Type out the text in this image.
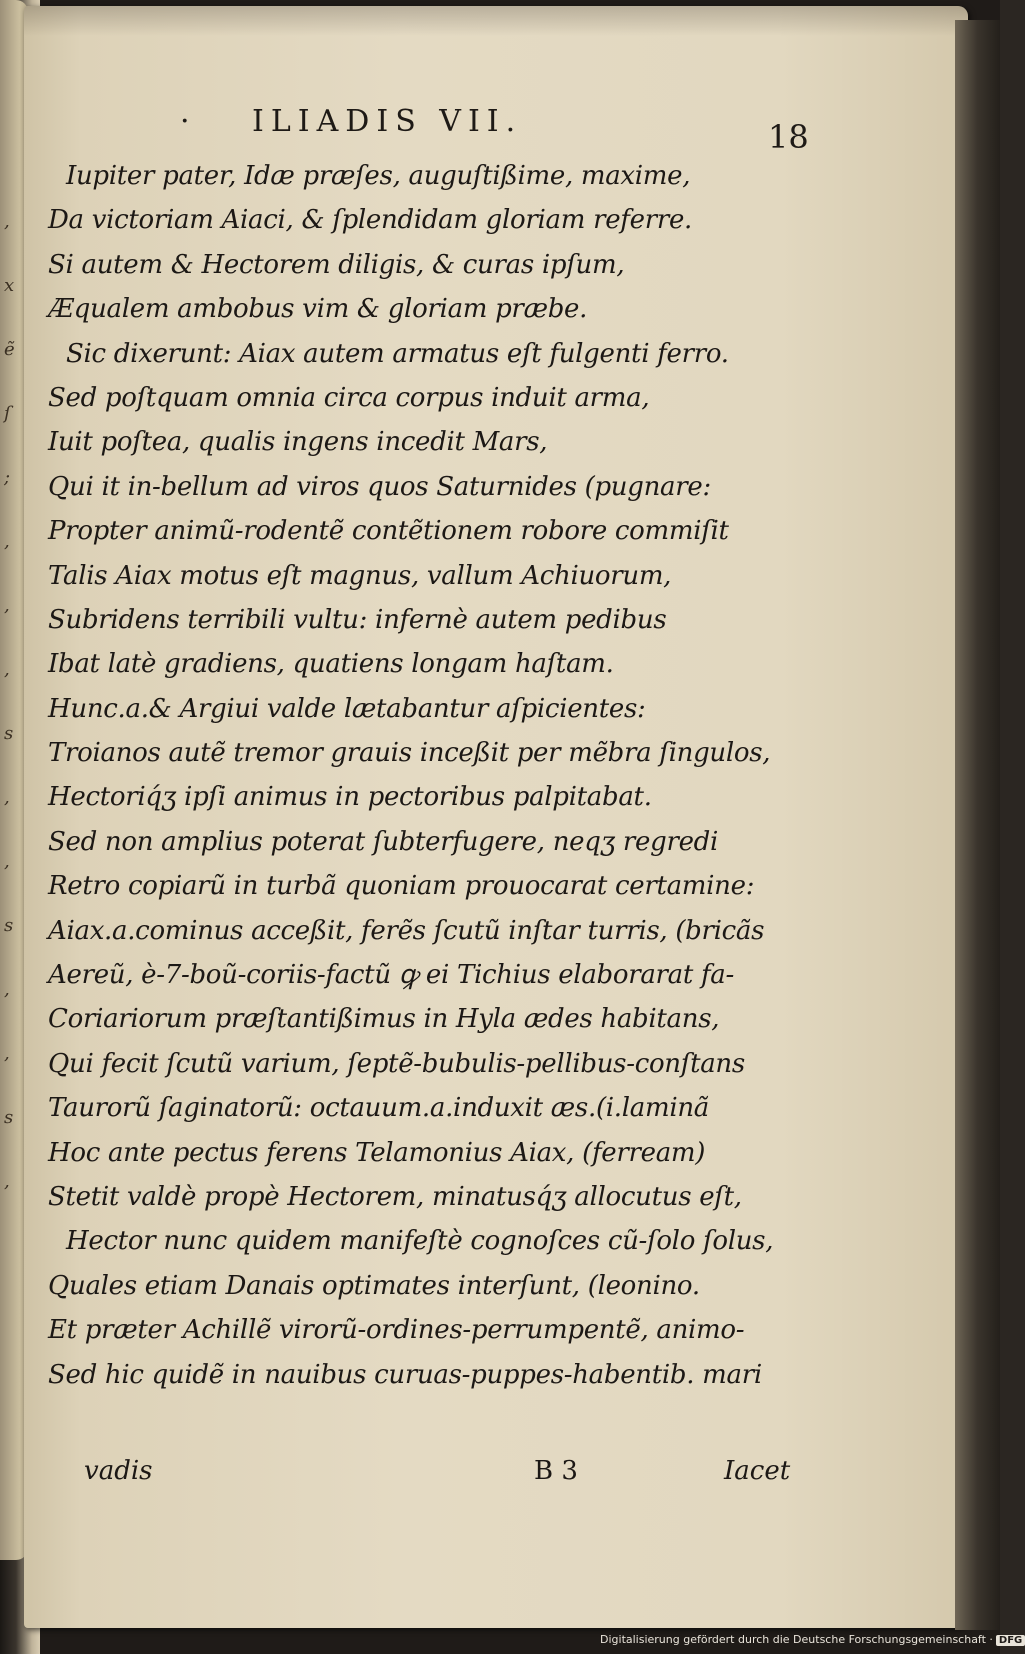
,
x
ẽ
ſ
;
,
,
,
s
,
,
s
,
,
s
,
· ILIADIS VII.	18
Iupiter pater, Idæ præſes, auguſtißime, maxime,
Da victoriam Aiaci, & ſplendidam gloriam referre.
Si autem & Hectorem diligis, & curas ipſum,
Æqualem ambobus vim & gloriam præbe.
Sic dixerunt: Aiax autem armatus eſt fulgenti ferro.
Sed poſtquam omnia circa corpus induit arma,
Iuit poſtea, qualis ingens incedit Mars,
Qui it in-bellum ad viros quos Saturnides (pugnare:
Propter animũ-rodentẽ contẽtionem robore commiſit
Talis Aiax motus eſt magnus, vallum Achiuorum,
Subridens terribili vultu: infernè autem pedibus
Ibat latè gradiens, quatiens longam haſtam.
Hunc.a.& Argiui valde lætabantur aſpicientes:
Troianos autẽ tremor grauis inceßit per mẽbra ſingulos,
Hectoriq́ʒ ipſi animus in pectoribus palpitabat.
Sed non amplius poterat ſubterfugere, neqʒ regredi
Retro copiarũ in turbã quoniam prouocarat certamine:
Aiax.a.cominus acceßit, ferẽs ſcutũ inſtar turris, (bricãs
Aereũ, è-7-boũ-coriis-factũ ꝙ ei Tichius elaborarat fa-
Coriariorum præſtantißimus in Hyla ædes habitans,
Qui fecit ſcutũ varium, ſeptẽ-bubulis-pellibus-conſtans
Taurorũ ſaginatorũ: octauum.a.induxit æs.(i.laminã
Hoc ante pectus ferens Telamonius Aiax, (ferream)
Stetit valdè propè Hectorem, minatusq́ʒ allocutus eſt,
Hector nunc quidem manifeſtè cognoſces cũ-ſolo ſolus,
Quales etiam Danais optimates interſunt, (leonino.
Et præter Achillẽ virorũ-ordines-perrumpentẽ, animo-
Sed hic quidẽ in nauibus curuas-puppes-habentib. mari
vadis	B 3	Iacet
Digitalisierung gefördert durch die Deutsche Forschungsgemeinschaft · DFG
